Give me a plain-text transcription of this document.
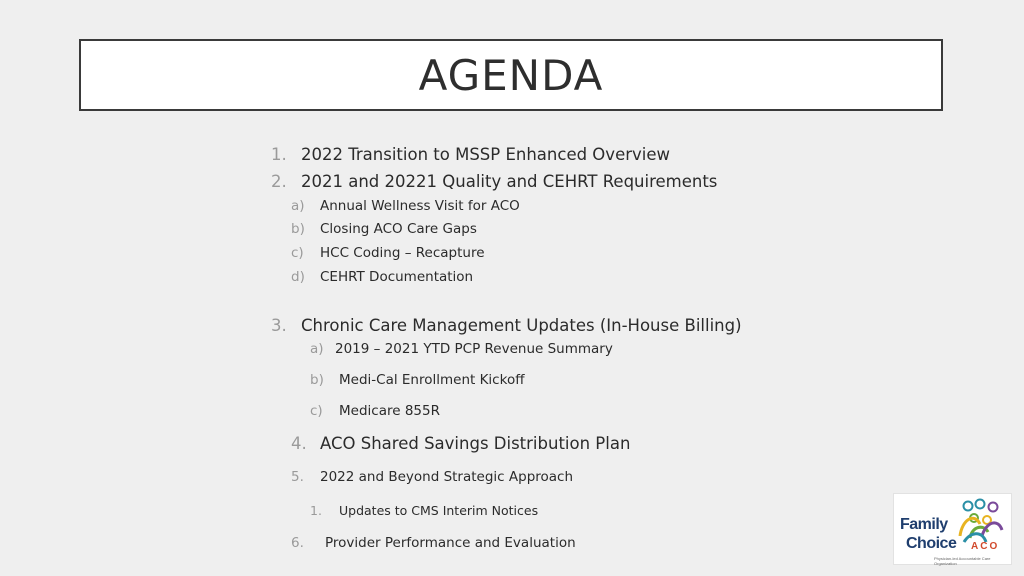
AGENDA
1. 2022 Transition to MSSP Enhanced Overview
2. 2021 and 20221 Quality and CEHRT Requirements
a) Annual Wellness Visit for ACO
b) Closing ACO Care Gaps
c) HCC Coding – Recapture
d) CEHRT Documentation
3. Chronic Care Management Updates (In-House Billing)
a) 2019 – 2021 YTD PCP Revenue Summary
b) Medi-Cal Enrollment Kickoff
c) Medicare 855R
4. ACO Shared Savings Distribution Plan
5. 2022 and Beyond Strategic Approach
1. Updates to CMS Interim Notices
6. Provider Performance and Evaluation
Family
Choice ACO
Physician-led Accountable Care Organization
